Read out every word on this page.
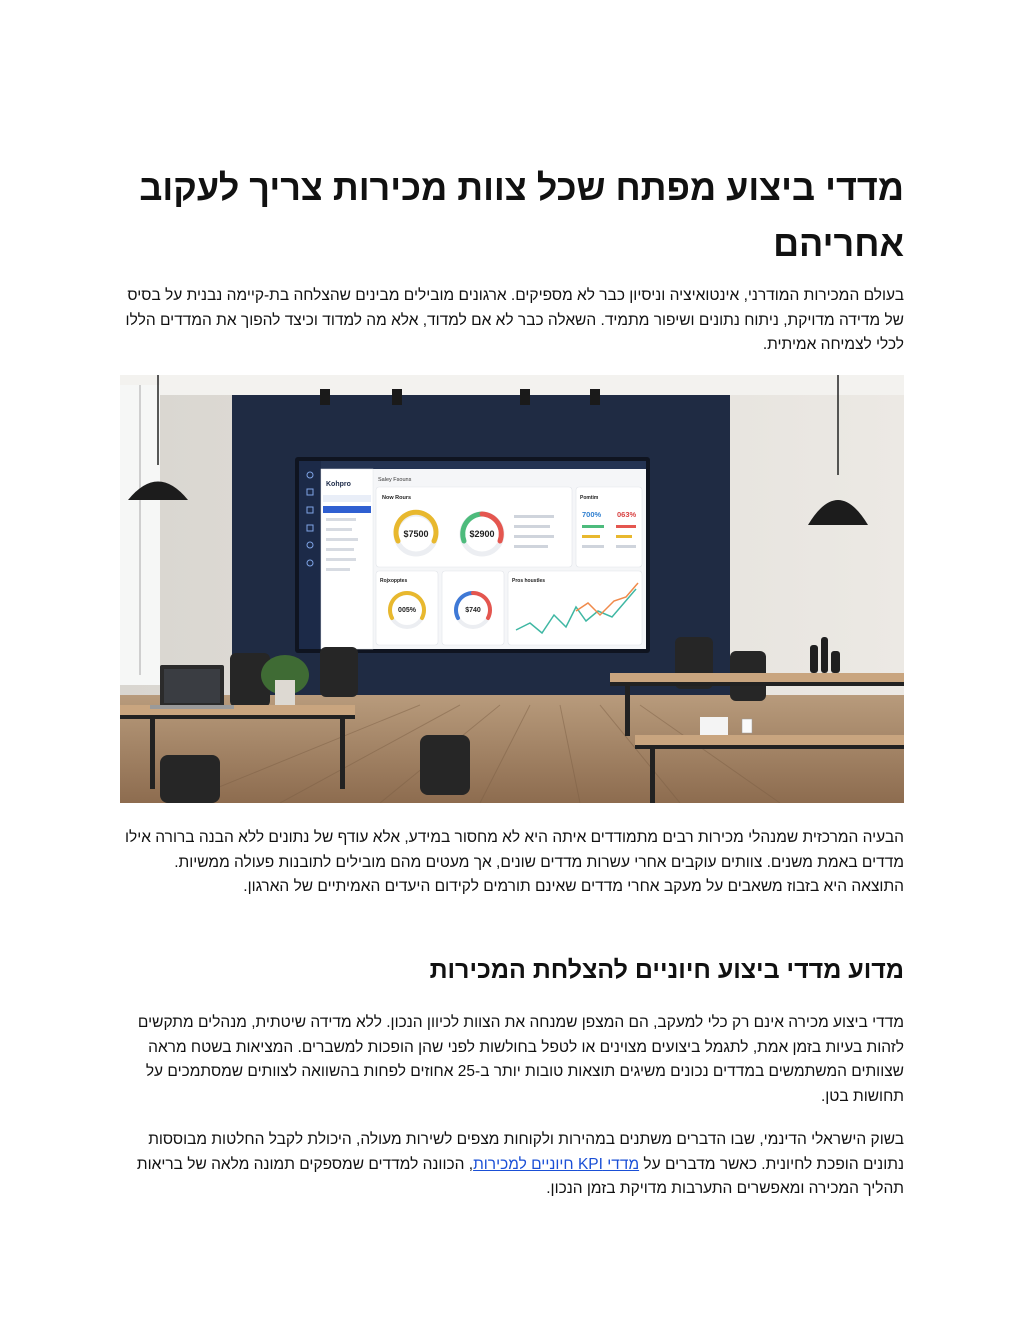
מדדי ביצוע מפתח שכל צוות מכירות צריך לעקוב אחריהם

בעולם המכירות המודרני, אינטואיציה וניסיון כבר לא מספיקים. ארגונים מובילים מבינים שהצלחה בת-קיימה נבנית על בסיס של מדידה מדויקת, ניתוח נתונים ושיפור מתמיד. השאלה כבר לא אם למדוד, אלא מה למדוד וכיצד להפוך את המדדים הללו לכלי לצמיחה אמיתית.

Kohpro
Saley Fsouns
Now Rours
$7500	$2900
Pomtim
700% 063%
Rojxopptes
005%	$740
Pros houstles

הבעיה המרכזית שמנהלי מכירות רבים מתמודדים איתה היא לא מחסור במידע, אלא עודף של נתונים ללא הבנה ברורה אילו מדדים באמת משנים. צוותים עוקבים אחרי עשרות מדדים שונים, אך מעטים מהם מובילים לתובנות פעולה ממשיות. התוצאה היא בזבוז משאבים על מעקב אחרי מדדים שאינם תורמים לקידום היעדים האמיתיים של הארגון.

מדוע מדדי ביצוע חיוניים להצלחת המכירות

מדדי ביצוע מכירה אינם רק כלי למעקב, הם המצפן שמנחה את הצוות לכיוון הנכון. ללא מדידה שיטתית, מנהלים מתקשים לזהות בעיות בזמן אמת, לתגמל ביצועים מצוינים או לטפל בחולשות לפני שהן הופכות למשברים. המציאות בשטח מראה שצוותים המשתמשים במדדים נכונים משיגים תוצאות טובות יותר ב-25 אחוזים לפחות בהשוואה לצוותים שמסתמכים על תחושות בטן.

בשוק הישראלי הדינמי, שבו הדברים משתנים במהירות ולקוחות מצפים לשירות מעולה, היכולת לקבל החלטות מבוססות נתונים הופכת לחיונית. כאשר מדברים על מדדי KPI חיוניים למכירות, הכוונה למדדים שמספקים תמונה מלאה של בריאות תהליך המכירה ומאפשרים התערבות מדויקת בזמן הנכון.
